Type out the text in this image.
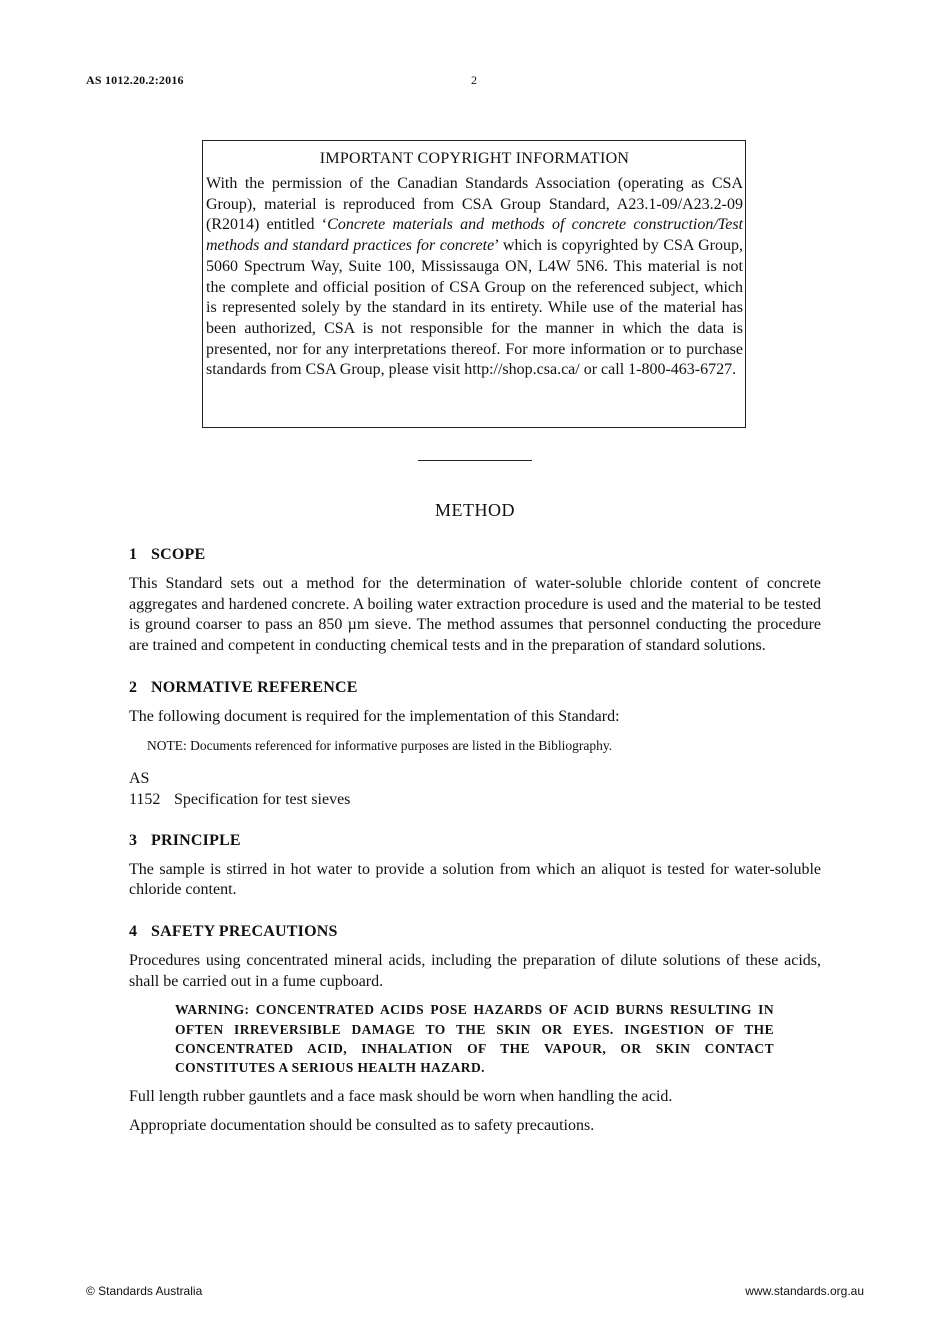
AS 1012.20.2:2016	2
IMPORTANT COPYRIGHT INFORMATION
With the permission of the Canadian Standards Association (operating as CSA Group), material is reproduced from CSA Group Standard, A23.1-09/A23.2-09 (R2014) entitled ‘Concrete materials and methods of concrete construction/Test methods and standard practices for concrete’ which is copyrighted by CSA Group, 5060 Spectrum Way, Suite 100, Mississauga ON, L4W 5N6. This material is not the complete and official position of CSA Group on the referenced subject, which is represented solely by the standard in its entirety. While use of the material has been authorized, CSA is not responsible for the manner in which the data is presented, nor for any interpretations thereof. For more information or to purchase standards from CSA Group, please visit http://shop.csa.ca/ or call 1-800-463-6727.
METHOD
1 SCOPE

This Standard sets out a method for the determination of water-soluble chloride content of concrete aggregates and hardened concrete. A boiling water extraction procedure is used and the material to be tested is ground coarser to pass an 850 µm sieve. The method assumes that personnel conducting the procedure are trained and competent in conducting chemical tests and in the preparation of standard solutions.

2 NORMATIVE REFERENCE

The following document is required for the implementation of this Standard:

NOTE: Documents referenced for informative purposes are listed in the Bibliography.
AS
1152 Specification for test sieves
3 PRINCIPLE

The sample is stirred in hot water to provide a solution from which an aliquot is tested for water-soluble chloride content.

4 SAFETY PRECAUTIONS

Procedures using concentrated mineral acids, including the preparation of dilute solutions of these acids, shall be carried out in a fume cupboard.

WARNING: CONCENTRATED ACIDS POSE HAZARDS OF ACID BURNS RESULTING IN OFTEN IRREVERSIBLE DAMAGE TO THE SKIN OR EYES. INGESTION OF THE CONCENTRATED ACID, INHALATION OF THE VAPOUR, OR SKIN CONTACT CONSTITUTES A SERIOUS HEALTH HAZARD.

Full length rubber gauntlets and a face mask should be worn when handling the acid.

Appropriate documentation should be consulted as to safety precautions.

© Standards Australia	www.standards.org.au
